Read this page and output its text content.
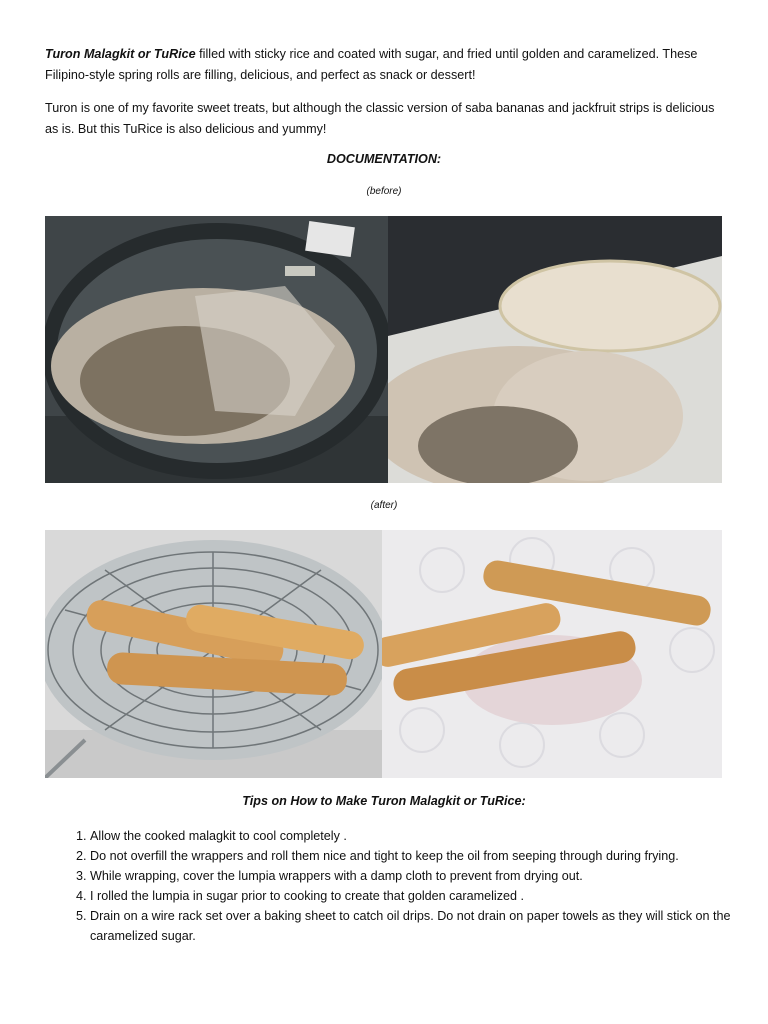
Turon Malagkit or TuRice filled with sticky rice and coated with sugar, and fried until golden and caramelized. These Filipino-style spring rolls are filling, delicious, and perfect as snack or dessert!

Turon is one of my favorite sweet treats, but although the classic version of saba bananas and jackfruit strips is delicious as is. But this TuRice is also delicious and yummy!

DOCUMENTATION:

(before)

(after)

Tips on How to Make Turon Malagkit or TuRice:

1. Allow the cooked malagkit to cool completely .
2. Do not overfill the wrappers and roll them nice and tight to keep the oil from seeping through during frying.
3. While wrapping, cover the lumpia wrappers with a damp cloth to prevent from drying out.
4. I rolled the lumpia in sugar prior to cooking to create that golden caramelized .
5. Drain on a wire rack set over a baking sheet to catch oil drips. Do not drain on paper towels as they will stick on the caramelized sugar.
